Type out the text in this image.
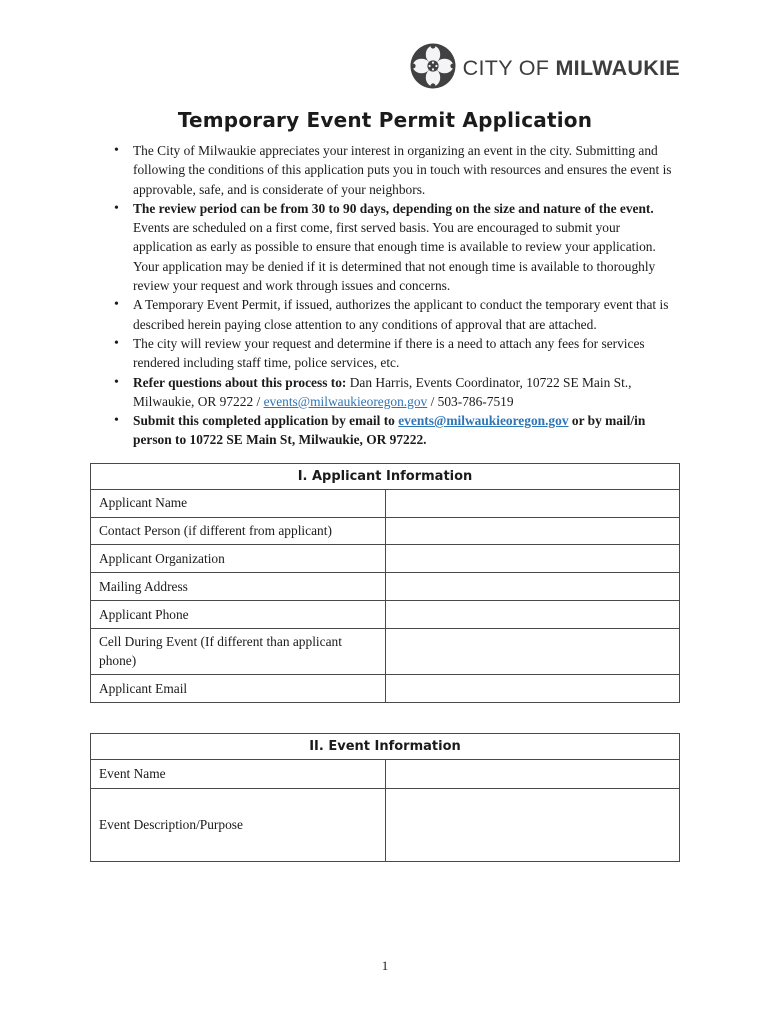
CITY OF MILWAUKIE
Temporary Event Permit Application
• The City of Milwaukie appreciates your interest in organizing an event in the city. Submitting and following the conditions of this application puts you in touch with resources and ensures the event is approvable, safe, and is considerate of your neighbors.
• The review period can be from 30 to 90 days, depending on the size and nature of the event. Events are scheduled on a first come, first served basis. You are encouraged to submit your application as early as possible to ensure that enough time is available to review your application. Your application may be denied if it is determined that not enough time is available to thoroughly review your request and work through issues and concerns.
• A Temporary Event Permit, if issued, authorizes the applicant to conduct the temporary event that is described herein paying close attention to any conditions of approval that are attached.
• The city will review your request and determine if there is a need to attach any fees for services rendered including staff time, police services, etc.
• Refer questions about this process to: Dan Harris, Events Coordinator, 10722 SE Main St., Milwaukie, OR 97222 / events@milwaukieoregon.gov / 503-786-7519
• Submit this completed application by email to events@milwaukieoregon.gov or by mail/in person to 10722 SE Main St, Milwaukie, OR 97222.
I. Applicant Information	
Applicant Name	
Contact Person (if different from applicant)	
Applicant Organization	
Mailing Address	
Applicant Phone	
Cell During Event (If different than applicant phone)	
Applicant Email	
II. Event Information	
Event Name	
Event Description/Purpose	
1
